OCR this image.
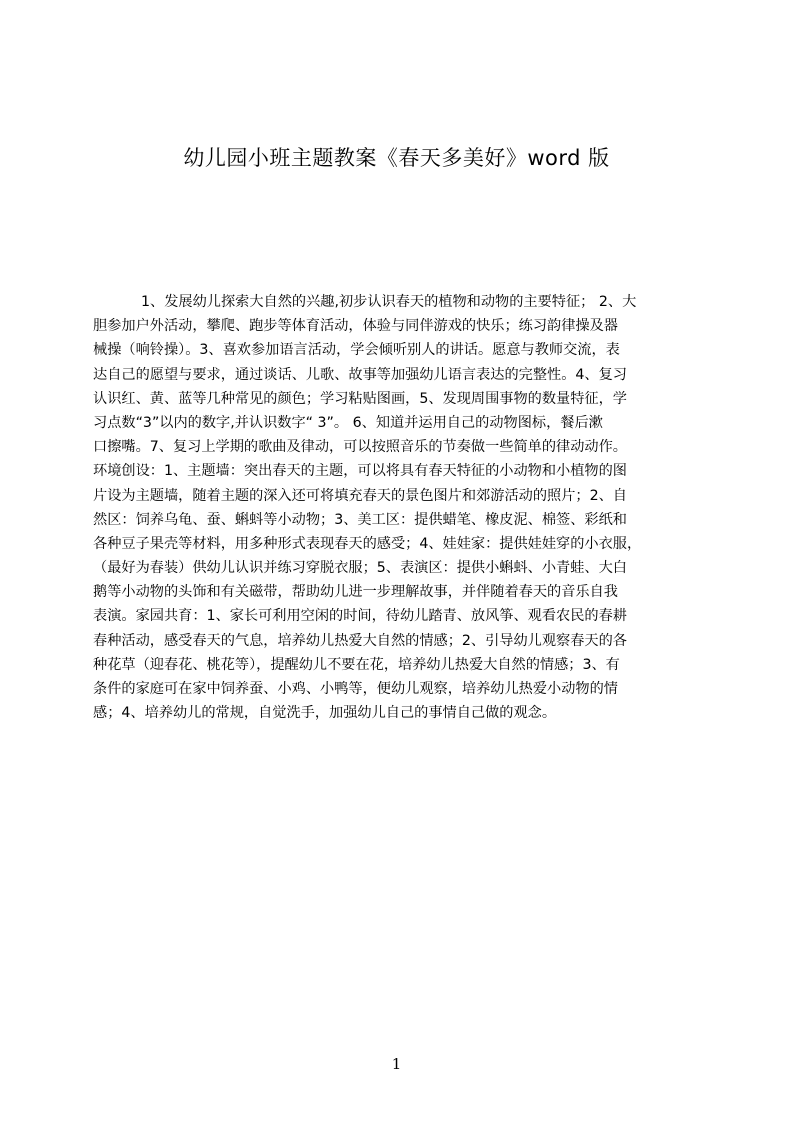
幼儿园小班主题教案《春天多美好》word 版
1、发展幼儿探索大自然的兴趣,初步认识春天的植物和动物的主要特征； 2、大
胆参加户外活动，攀爬、跑步等体育活动，体验与同伴游戏的快乐；练习韵律操及器
械操（响铃操）。3、喜欢参加语言活动，学会倾听别人的讲话。愿意与教师交流，表
达自己的愿望与要求，通过谈话、儿歌、故事等加强幼儿语言表达的完整性。4、复习
认识红、黄、蓝等几种常见的颜色；学习粘贴图画，5、发现周围事物的数量特征，学
习点数“3”以内的数字,并认识数字“ 3”。 6、知道并运用自己的动物图标，餐后漱
口擦嘴。7、复习上学期的歌曲及律动，可以按照音乐的节奏做一些简单的律动动作。
环境创设：1、主题墙：突出春天的主题，可以将具有春天特征的小动物和小植物的图
片设为主题墙，随着主题的深入还可将填充春天的景色图片和郊游活动的照片；2、自
然区：饲养乌龟、蚕、蝌蚪等小动物；3、美工区：提供蜡笔、橡皮泥、棉签、彩纸和
各种豆子果壳等材料，用多种形式表现春天的感受；4、娃娃家：提供娃娃穿的小衣服，
（最好为春装）供幼儿认识并练习穿脱衣服；5、表演区：提供小蝌蚪、小青蛙、大白
鹅等小动物的头饰和有关磁带，帮助幼儿进一步理解故事，并伴随着春天的音乐自我
表演。家园共育：1、家长可利用空闲的时间，待幼儿踏青、放风筝、观看农民的春耕
春种活动，感受春天的气息，培养幼儿热爱大自然的情感；2、引导幼儿观察春天的各
种花草（迎春花、桃花等），提醒幼儿不要在花，培养幼儿热爱大自然的情感；3、有
条件的家庭可在家中饲养蚕、小鸡、小鸭等，便幼儿观察，培养幼儿热爱小动物的情
感；4、培养幼儿的常规，自觉洗手，加强幼儿自己的事情自己做的观念。
1
